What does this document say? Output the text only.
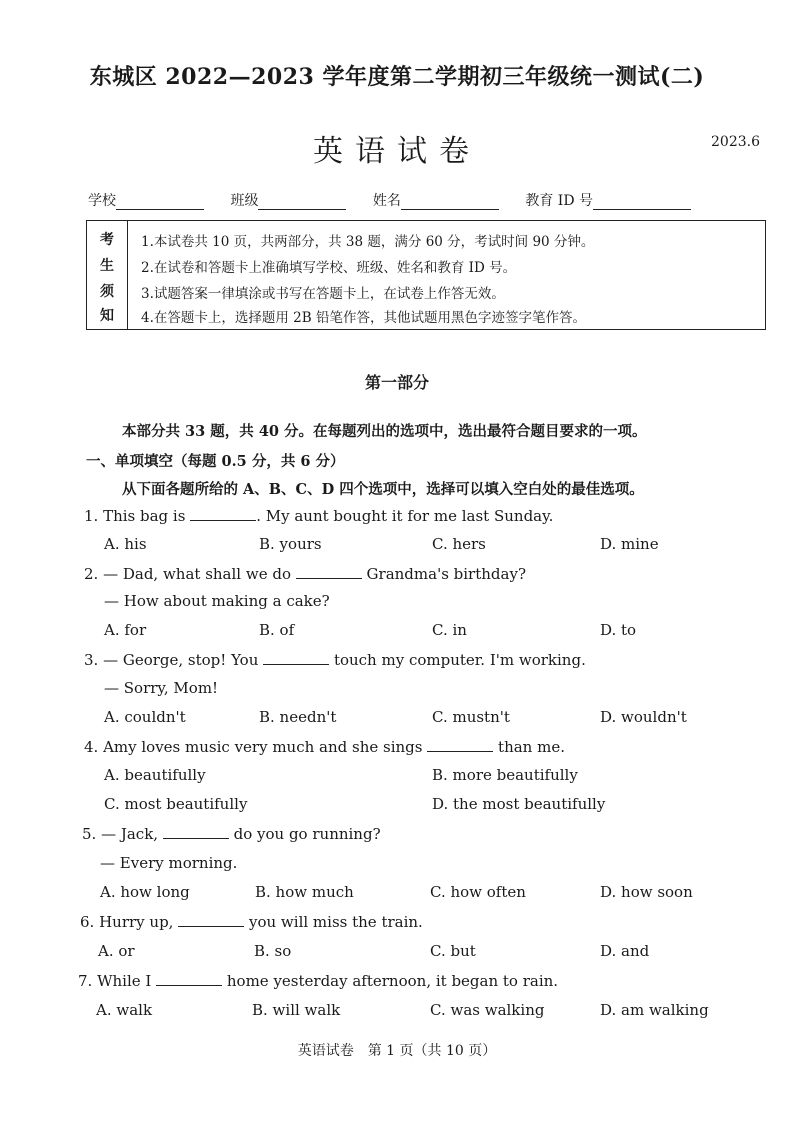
东城区 2022—2023 学年度第二学期初三年级统一测试(二)
英语试卷	2023.6
学校	班级	姓名	教育 ID 号
考
生
须
知
1.本试卷共 10 页，共两部分，共 38 题，满分 60 分，考试时间 90 分钟。
2.在试卷和答题卡上准确填写学校、班级、姓名和教育 ID 号。
3.试题答案一律填涂或书写在答题卡上，在试卷上作答无效。
4.在答题卡上，选择题用 2B 铅笔作答，其他试题用黑色字迹签字笔作答。
第一部分
本部分共 33 题，共 40 分。在每题列出的选项中，选出最符合题目要求的一项。
一、单项填空（每题 0.5 分，共 6 分）
从下面各题所给的 A、B、C、D 四个选项中，选择可以填入空白处的最佳选项。
1. This bag is	. My aunt bought it for me last Sunday.
A. his	B. yours	C. hers	D. mine
2. — Dad, what shall we do	Grandma's birthday?
— How about making a cake?
A. for	B. of	C. in	D. to
3. — George, stop! You	touch my computer. I'm working.
— Sorry, Mom!
A. couldn't	B. needn't	C. mustn't	D. wouldn't
4. Amy loves music very much and she sings	than me.
A. beautifully	B. more beautifully
C. most beautifully	D. the most beautifully
5. — Jack,	do you go running?
— Every morning.
A. how long	B. how much	C. how often	D. how soon
6. Hurry up,	you will miss the train.
A. or	B. so	C. but	D. and
7. While I	home yesterday afternoon, it began to rain.
A. walk	B. will walk	C. was walking	D. am walking
英语试卷　第 1 页（共 10 页）
